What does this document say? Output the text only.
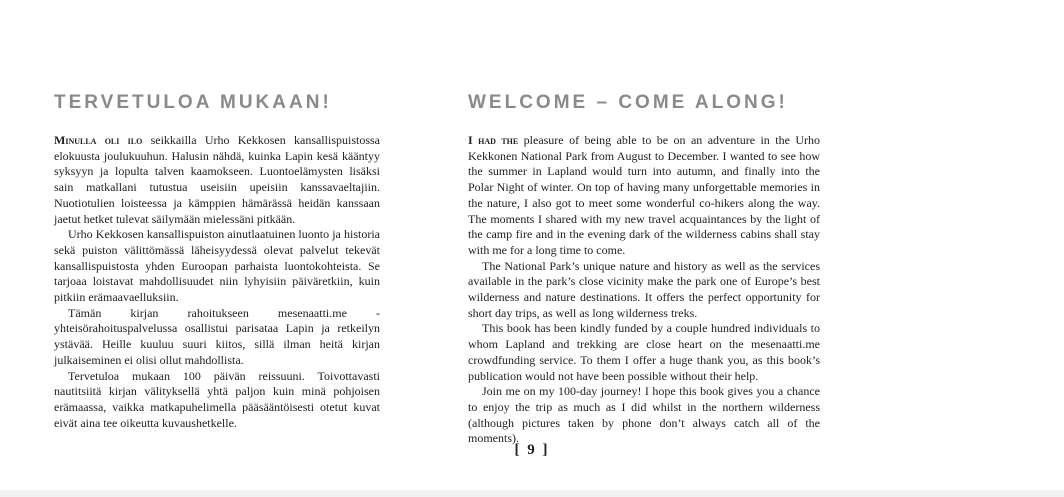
TERVETULOA MUKAAN!

Minulla oli ilo seikkailla Urho Kekkosen kansallispuistossa elokuusta joulukuuhun. Halusin nähdä, kuinka Lapin kesä kääntyy syksyyn ja lopulta talven kaamokseen. Luontoelämysten lisäksi sain matkallani tutustua useisiin upeisiin kanssavaeltajiin. Nuotiotulien loisteessa ja kämppien hämärässä heidän kanssaan jaetut hetket tulevat säilymään mielessäni pitkään.

Urho Kekkosen kansallispuiston ainutlaatuinen luonto ja historia sekä puiston välittömässä läheisyydessä olevat palvelut tekevät kansallispuistosta yhden Euroopan parhaista luontokohteista. Se tarjoaa loistavat mahdollisuudet niin lyhyisiin päiväretkiin, kuin pitkiin erämaavaelluksiin.

Tämän kirjan rahoitukseen mesenaatti.me -yhteisörahoituspalvelussa osallistui parisataa Lapin ja retkeilyn ystävää. Heille kuuluu suuri kiitos, sillä ilman heitä kirjan julkaiseminen ei olisi ollut mahdollista.

Tervetuloa mukaan 100 päivän reissuuni. Toivottavasti nautitsiitä kirjan välityksellä yhtä paljon kuin minä pohjoisen erämaassa, vaikka matkapuhelimella pääsääntöisesti otetut kuvat eivät aina tee oikeutta kuvaushetkelle.

WELCOME – COME ALONG!

I had the pleasure of being able to be on an adventure in the Urho Kekkonen National Park from August to December. I wanted to see how the summer in Lapland would turn into autumn, and finally into the Polar Night of winter. On top of having many unforgettable memories in the nature, I also got to meet some wonderful co-hikers along the way. The moments I shared with my new travel acquaintances by the light of the camp fire and in the evening dark of the wilderness cabins shall stay with me for a long time to come.

The National Park’s unique nature and history as well as the services available in the park’s close vicinity make the park one of Europe’s best wilderness and nature destinations. It offers the perfect opportunity for short day trips, as well as long wilderness treks.

This book has been kindly funded by a couple hundred individuals to whom Lapland and trekking are close heart on the mesenaatti.me crowdfunding service. To them I offer a huge thank you, as this book’s publication would not have been possible without their help.

Join me on my 100-day journey! I hope this book gives you a chance to enjoy the trip as much as I did whilst in the northern wilderness (although pictures taken by phone don’t always catch all of the moments).

[ 9 ]
